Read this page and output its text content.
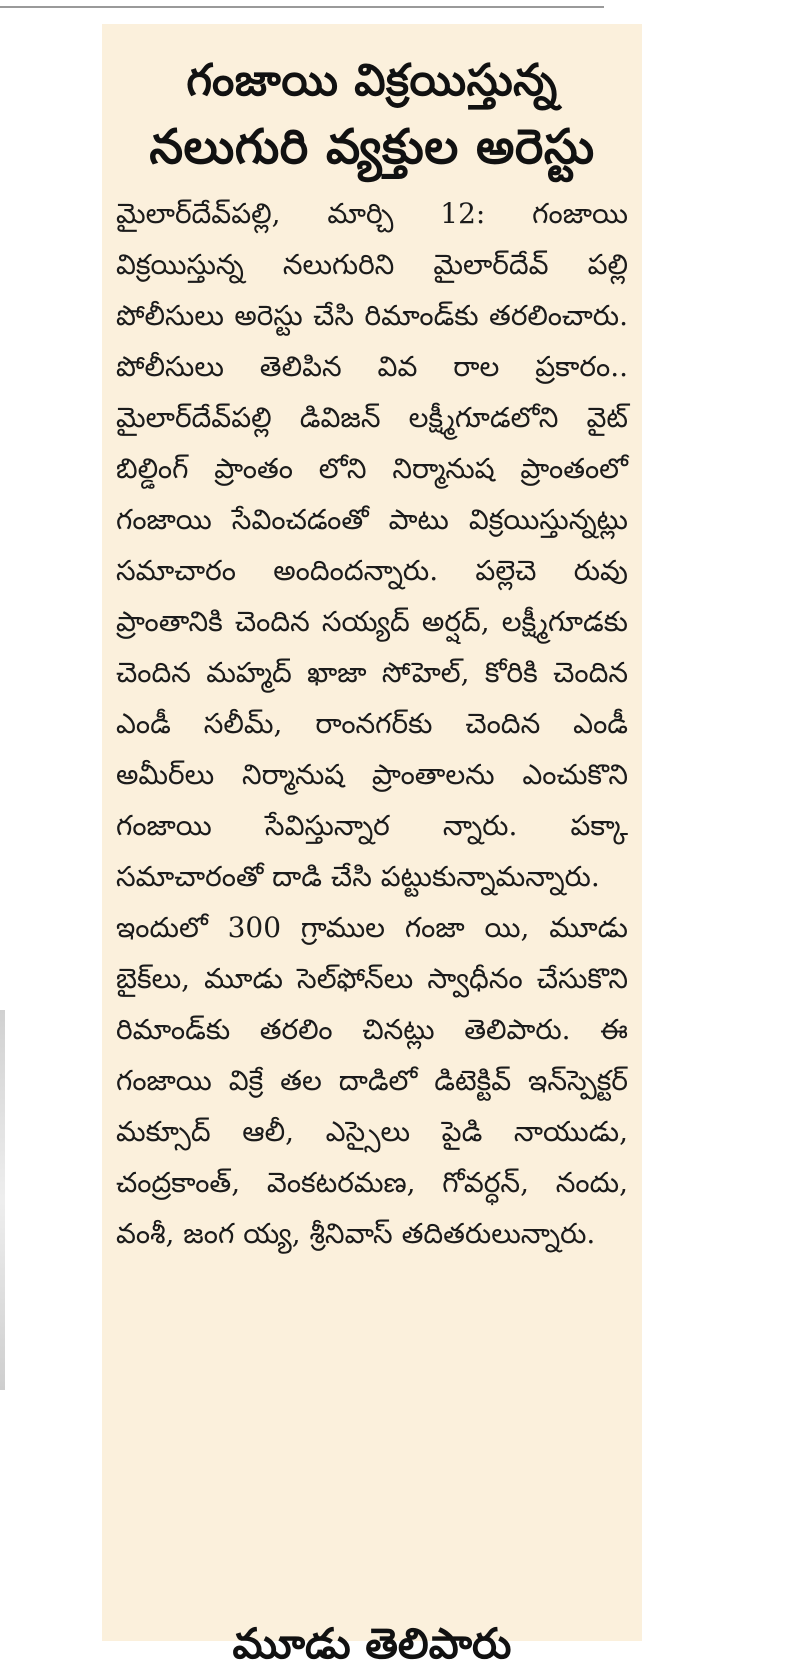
గంజాయి విక్రయిస్తున్న
నలుగురి వ్యక్తుల అరెస్టు

మైలార్‌దేవ్‌పల్లి, మార్చి 12: గంజాయి విక్రయిస్తున్న నలుగురిని మైలార్‌దేవ్ పల్లి పోలీసులు అరెస్టు చేసి రిమాండ్‌కు తరలించారు. పోలీసులు తెలిపిన వివ రాల ప్రకారం.. మైలార్‌దేవ్‌పల్లి డివిజన్ లక్ష్మీగూడలోని వైట్ బిల్డింగ్ ప్రాంతం లోని నిర్మానుష ప్రాంతంలో గంజాయి సేవించడంతో పాటు విక్రయిస్తున్నట్లు సమాచారం అందిందన్నారు. పల్లెచె రువు ప్రాంతానికి చెందిన సయ్యద్ అర్షద్, లక్ష్మీగూడకు చెందిన మహ్మద్ ఖాజా సోహెల్, కోరికి చెందిన ఎండీ సలీమ్, రాంనగర్‌కు చెందిన ఎండీ అమీర్‌లు నిర్మానుష ప్రాంతాలను ఎంచుకొని గంజాయి సేవిస్తున్నార న్నారు. పక్కా సమాచారంతో దాడి చేసి పట్టుకున్నామన్నారు.

ఇందులో 300 గ్రాముల గంజా యి, మూడు బైక్‌లు, మూడు సెల్‌ఫోన్‌లు స్వాధీనం చేసుకొని రిమాండ్‌కు తరలిం చినట్లు తెలిపారు. ఈ గంజాయి విక్రే తల దాడిలో డిటెక్టివ్ ఇన్‌స్పెక్టర్ మక్సూద్ ఆలీ, ఎస్సైలు పైడి నాయుడు, చంద్రకాంత్, వెంకటరమణ, గోవర్ధన్, నందు, వంశీ, జంగ య్య, శ్రీనివాస్ తదితరులున్నారు.

మూడు తెలిపారు
